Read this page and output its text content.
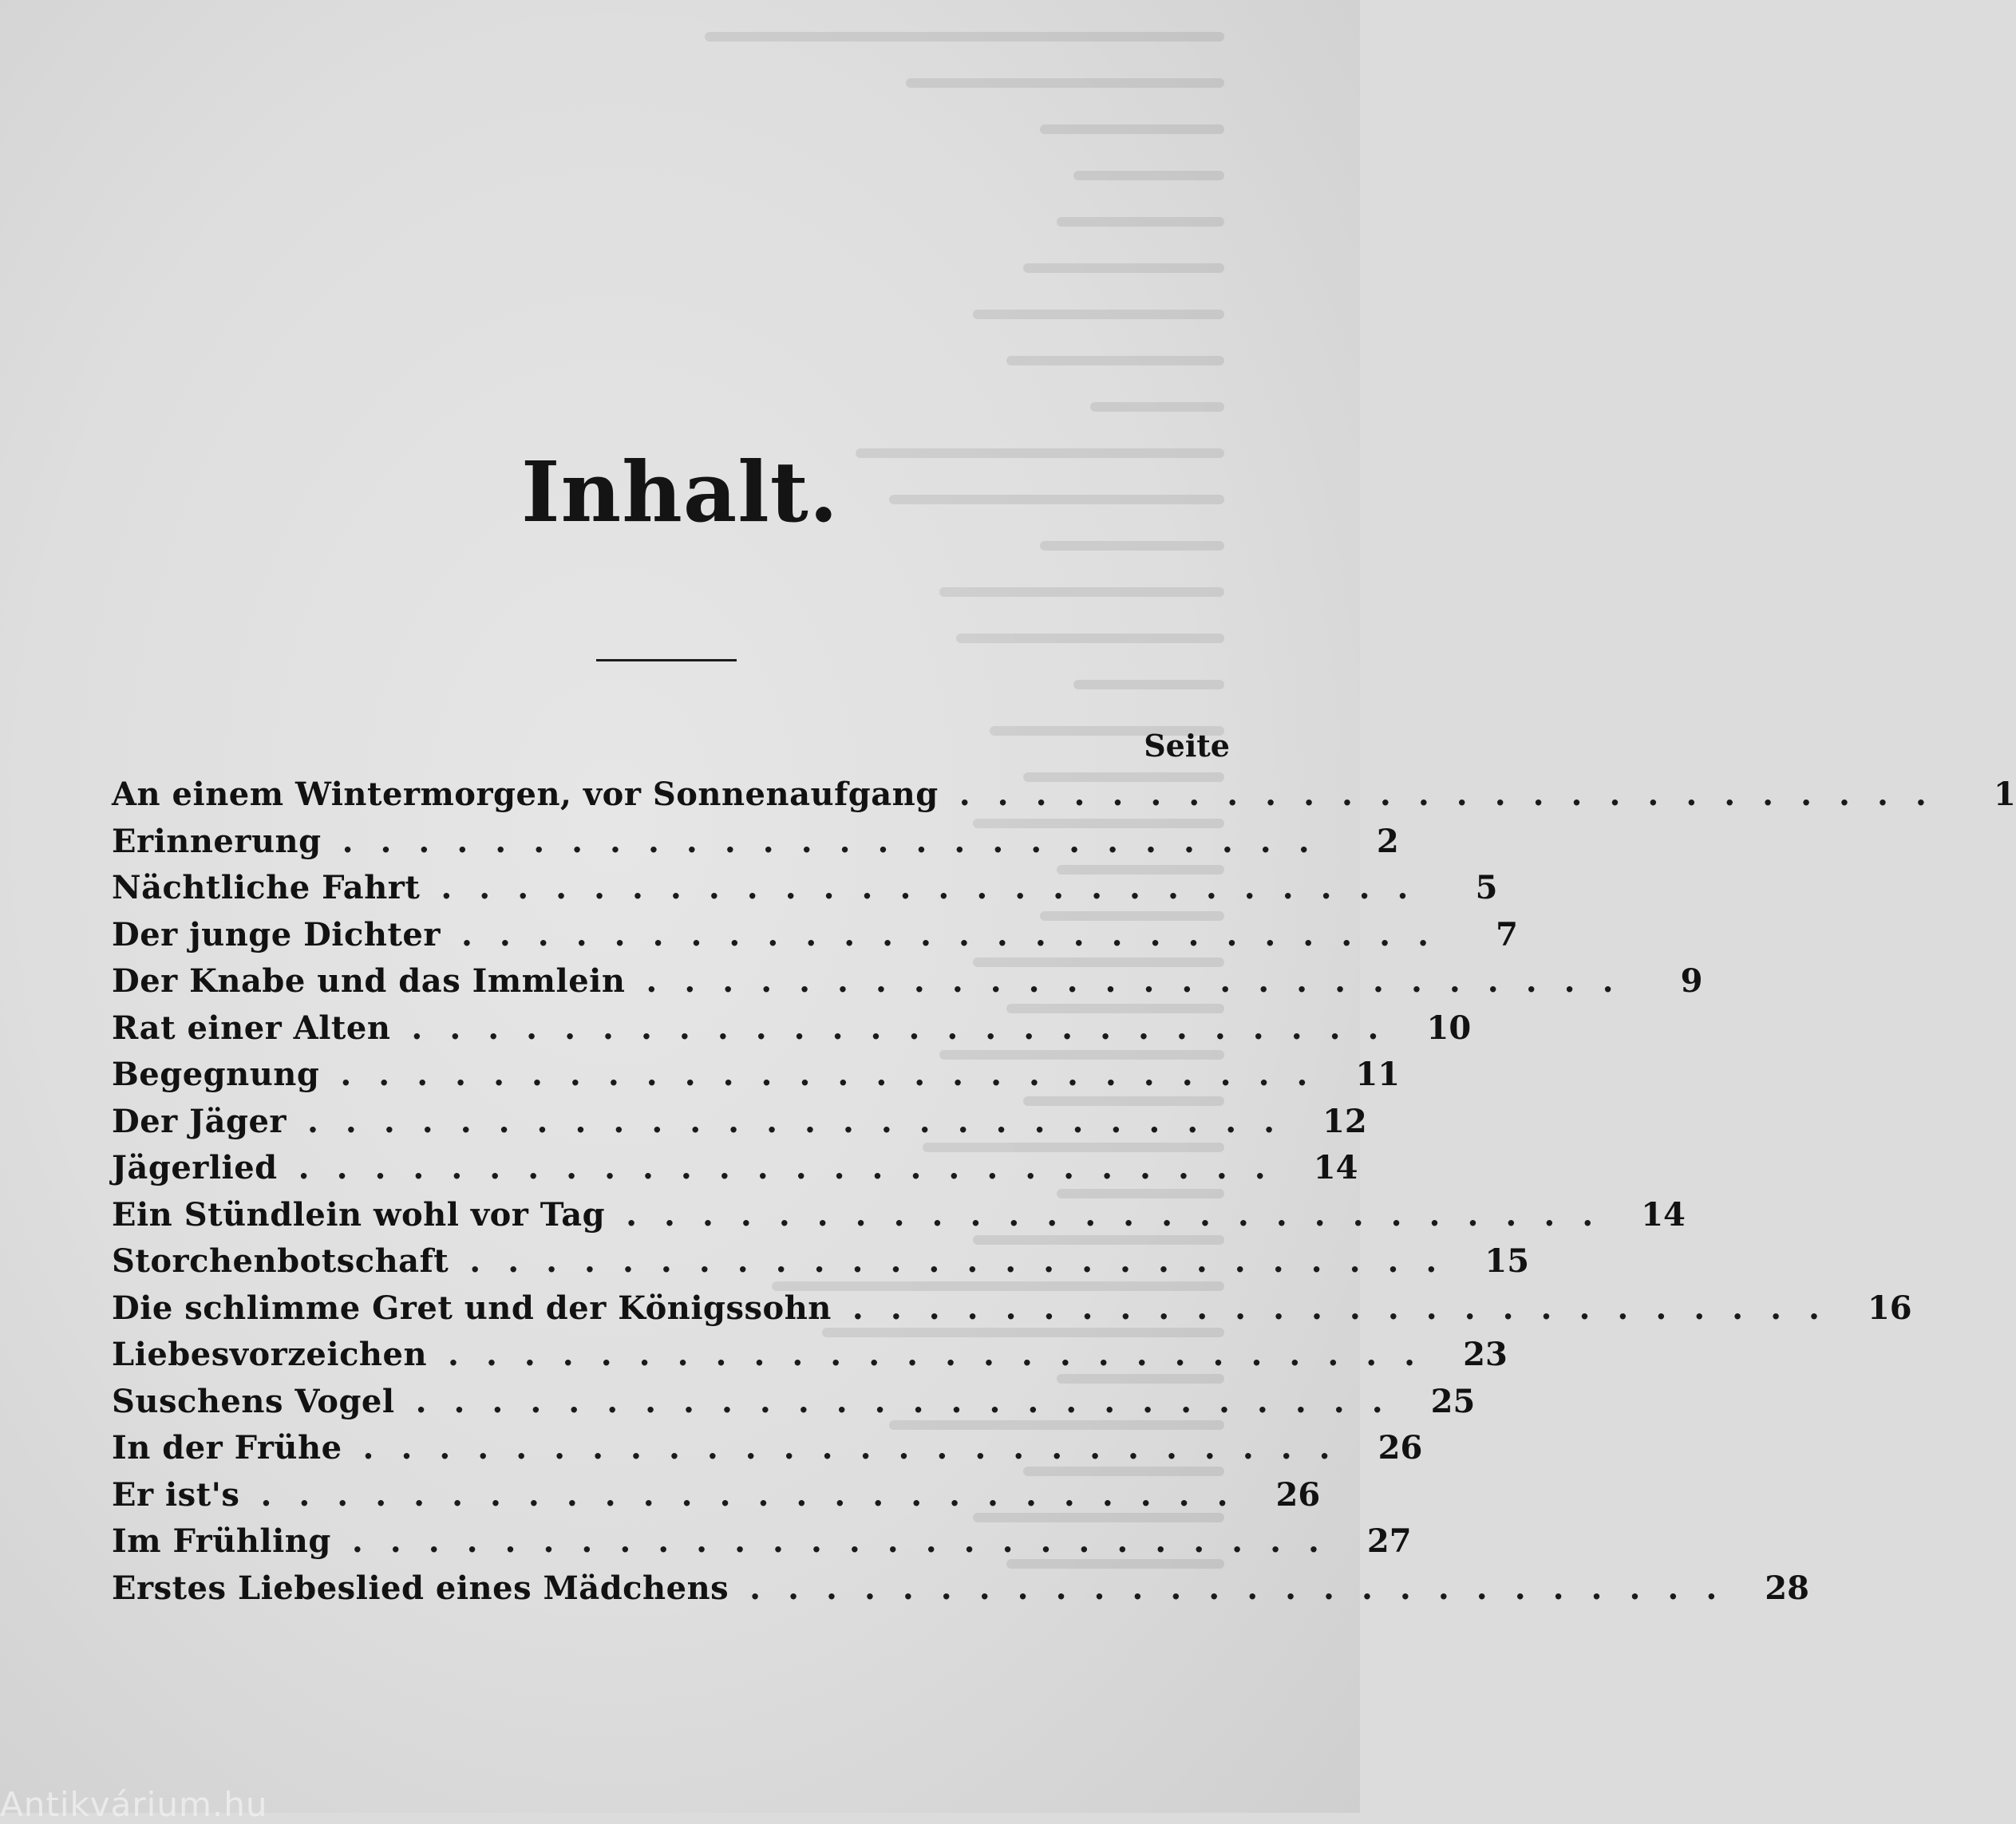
Inhalt.
Seite
An einem Wintermorgen, vor Sonnenaufgang ..........................	1
Erinnerung ..........................	2
Nächtliche Fahrt ..........................	5
Der junge Dichter ..........................	7
Der Knabe und das Immlein ..........................	9
Rat einer Alten .......................... 10
Begegnung .......................... 11
Der Jäger .......................... 12
Jägerlied .......................... 14
Ein Stündlein wohl vor Tag .......................... 14
Storchenbotschaft .......................... 15
Die schlimme Gret und der Königssohn .......................... 16
Liebesvorzeichen .......................... 23
Suschens Vogel .......................... 25
In der Frühe .......................... 26
Er ist's .......................... 26
Im Frühling .......................... 27
Erstes Liebeslied eines Mädchens .......................... 28
Antikvárium.hu
